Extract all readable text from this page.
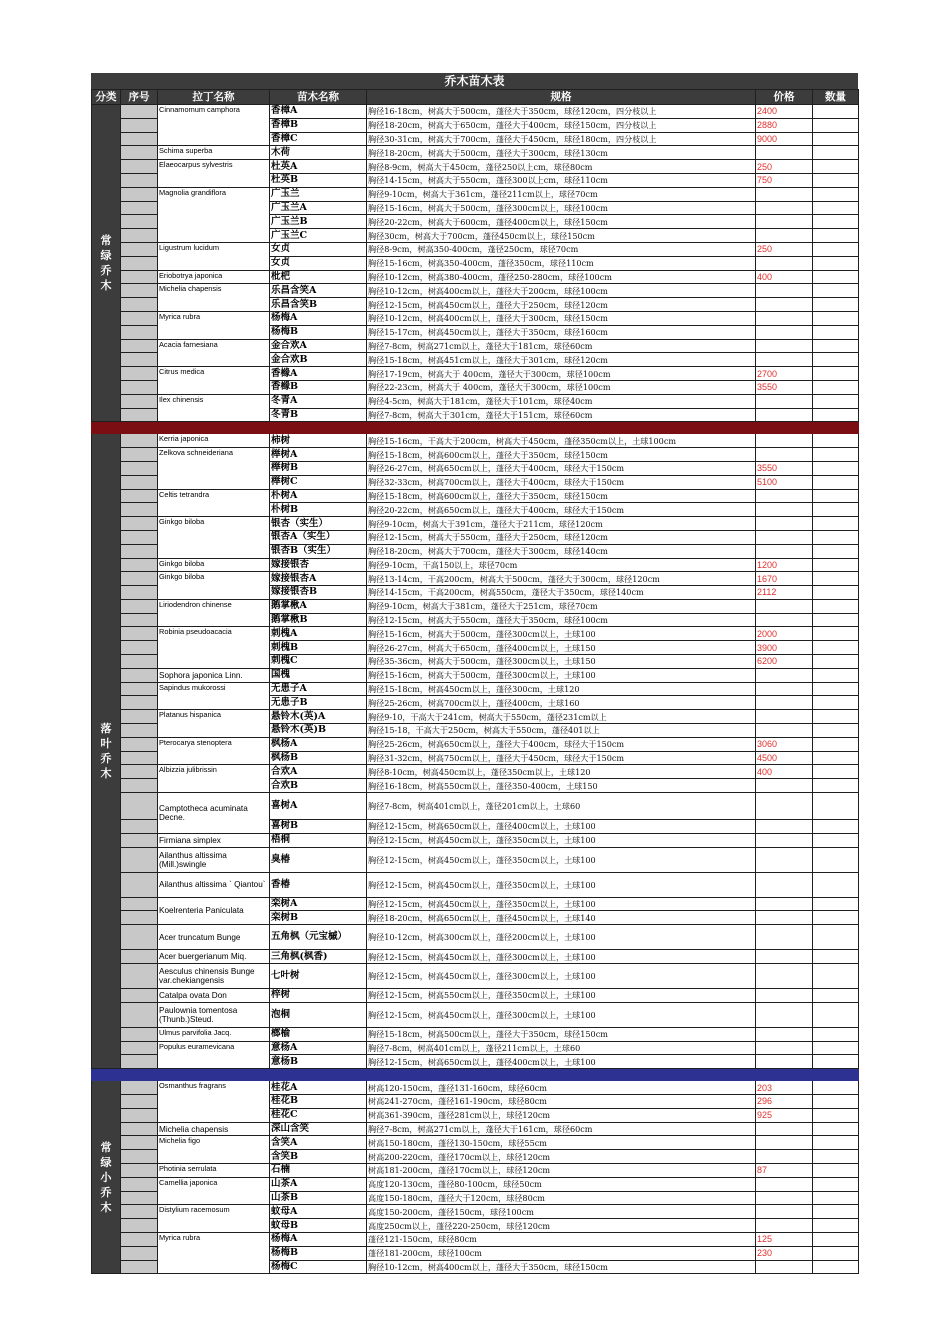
乔木苗木表
分类	序号	拉丁名称	苗木名称	规格	价格	数量

常绿乔木		Cinnamomum camphora	香樟A	胸径16-18cm，树高大于500cm，蓬径大于350cm，球径120cm，四分枝以上	2400	
			香樟B	胸径18-20cm，树高大于650cm，蓬径大于400cm，球径150cm，四分枝以上	2880	
			香樟C	胸径30-31cm，树高大于700cm，蓬径大于450cm，球径180cm，四分枝以上	9000	
		Schima superba	木荷	胸径18-20cm，树高大于500cm，蓬径大于300cm，球径130cm		
		Elaeocarpus sylvestris	杜英A	胸径8-9cm，树高大于450cm，蓬径250以上cm，球径80cm	250	
			杜英B	胸径14-15cm，树高大于550cm，蓬径300以上cm，球径110cm	750	
		Magnolia grandiflora	广玉兰	胸径9-10cm，树高大于361cm，蓬径211cm以上，球径70cm		
			广玉兰A	胸径15-16cm，树高大于500cm，蓬径300cm以上，球径100cm		
			广玉兰B	胸径20-22cm，树高大于600cm，蓬径400cm以上，球径150cm		
			广玉兰C	胸径30cm，树高大于700cm，蓬径450cm以上，球径150cm		
		Ligustrum lucidum	女贞	胸径8-9cm，树高350-400cm，蓬径250cm，球径70cm	250	
			女贞	胸径15-16cm，树高350-400cm，蓬径350cm，球径110cm		
		Eriobotrya japonica	枇杷	胸径10-12cm，树高380-400cm，蓬径250-280cm，球径100cm	400	
		Michelia chapensis	乐昌含笑A	胸径10-12cm，树高400cm以上，蓬径大于200cm，球径100cm		
			乐昌含笑B	胸径12-15cm，树高450cm以上，蓬径大于250cm，球径120cm		
		Myrica rubra	杨梅A	胸径10-12cm，树高400cm以上，蓬径大于300cm，球径150cm		
			杨梅B	胸径15-17cm，树高450cm以上，蓬径大于350cm，球径160cm		
		Acacia farnesiana	金合欢A	胸径7-8cm，树高271cm以上，蓬径大于181cm，球径60cm		
			金合欢B	胸径15-18cm，树高451cm以上，蓬径大于301cm，球径120cm		
		Citrus medica	香橼A	胸径17-19cm，树高大于 400cm，蓬径大于300cm，球径100cm	2700	
			香橼B	胸径22-23cm，树高大于 400cm，蓬径大于300cm，球径100cm	3550	
		Ilex chinensis	冬青A	胸径4-5cm，树高大于181cm，蓬径大于101cm，球径40cm		
			冬青B	胸径7-8cm，树高大于301cm，蓬径大于151cm，球径60cm		

落叶乔木		Kerria japonica	柿树	胸径15-16cm，干高大于200cm，树高大于450cm，蓬径350cm以上，土球100cm		
		Zelkova schneideriana	榉树A	胸径15-18cm，树高600cm以上，蓬径大于350cm，球径150cm		
			榉树B	胸径26-27cm，树高650cm以上，蓬径大于400cm，球径大于150cm	3550	
			榉树C	胸径32-33cm，树高700cm以上，蓬径大于400cm，球径大于150cm	5100	
		Celtis tetrandra	朴树A	胸径15-18cm，树高600cm以上，蓬径大于350cm，球径150cm		
			朴树B	胸径20-22cm，树高650cm以上，蓬径大于400cm，球径大于150cm		
		Ginkgo biloba	银杏（实生）	胸径9-10cm，树高大于391cm，蓬径大于211cm，球径120cm		
			银杏A（实生）	胸径12-15cm，树高大于550cm，蓬径大于250cm，球径120cm		
			银杏B（实生）	胸径18-20cm，树高大于700cm，蓬径大于300cm，球径140cm		
		Ginkgo biloba	嫁接银杏	胸径9-10cm，干高150以上，球径70cm	1200	
		Ginkgo biloba	嫁接银杏A	胸径13-14cm，干高200cm，树高大于500cm，蓬径大于300cm，球径120cm	1670	
			嫁接银杏B	胸径14-15cm，干高200cm，树高550cm，蓬径大于350cm，球径140cm	2112	
		Liriodendron chinense	鹅掌楸A	胸径9-10cm，树高大于381cm，蓬径大于251cm，球径70cm		
			鹅掌楸B	胸径12-15cm，树高大于550cm，蓬径大于350cm，球径100cm		
		Robinia pseudoacacia	刺槐A	胸径15-16cm，树高大于500cm，蓬径300cm以上，土球100	2000	
			刺槐B	胸径26-27cm，树高大于650cm，蓬径400cm以上，土球150	3900	
			刺槐C	胸径35-36cm，树高大于500cm，蓬径300cm以上，土球150	6200	
		Sophora japonica Linn.	国槐	胸径15-16cm，树高大于500cm，蓬径300cm以上，土球100		
		Sapindus mukorossi	无患子A	胸径15-18cm，树高450cm以上，蓬径300cm，土球120		
			无患子B	胸径25-26cm，树高700cm以上，蓬径400cm，土球160		
		Platanus hispanica	悬铃木(英)A	胸径9-10，干高大于241cm，树高大于550cm，蓬径231cm以上		
			悬铃木(英)B	胸径15-18，干高大于250cm，树高大于550cm，蓬径401以上		
		Pterocarya stenoptera	枫杨A	胸径25-26cm，树高650cm以上，蓬径大于400cm，球径大于150cm	3060	
			枫杨B	胸径31-32cm，树高750cm以上，蓬径大于450cm，球径大于150cm	4500	
		Albizzia julibrissin	合欢A	胸径8-10cm，树高450cm以上，蓬径350cm以上，土球120	400	
			合欢B	胸径16-18cm，树高550cm以上，蓬径350-400cm，土球150		
		Camptotheca acuminata Decne.	喜树A	胸径7-8cm，树高401cm以上，蓬径201cm以上，土球60		
			喜树B	胸径12-15cm，树高650cm以上，蓬径400cm以上，土球100		
		Firmiana simplex	梧桐	胸径12-15cm，树高450cm以上，蓬径350cm以上，土球100		
		Ailanthus altissima (Mill.)swingle	臭椿	胸径12-15cm，树高450cm以上，蓬径350cm以上，土球100		
		Ailanthus altissima ` Qiantou`	香椿	胸径12-15cm，树高450cm以上，蓬径350cm以上，土球100		
		Koelrenteria Paniculata	栾树A	胸径12-15cm，树高450cm以上，蓬径350cm以上，土球100		
			栾树B	胸径18-20cm，树高650cm以上，蓬径450cm以上，土球140		
		Acer truncatum Bunge	五角枫（元宝槭）	胸径10-12cm，树高300cm以上，蓬径200cm以上，土球100		
		Acer buergerianum Miq.	三角枫(枫香)	胸径12-15cm，树高450cm以上，蓬径300cm以上，土球100		
		Aesculus chinensis Bunge var.chekiangensis	七叶树	胸径12-15cm，树高450cm以上，蓬径300cm以上，土球100		
		Catalpa ovata Don	梓树	胸径12-15cm，树高550cm以上，蓬径350cm以上，土球100		
		Paulownia tomentosa (Thunb.)Steud.	泡桐	胸径12-15cm，树高450cm以上，蓬径300cm以上，土球100		
		Ulmus parvifolia Jacq.	榔榆	胸径15-18cm，树高500cm以上，蓬径大于350cm，球径150cm		
		Populus euramevicana	意杨A	胸径7-8cm，树高401cm以上，蓬径211cm以上，土球60		
			意杨B	胸径12-15cm，树高650cm以上，蓬径400cm以上，土球100		

常绿小乔木		Osmanthus fragrans	桂花A	树高120-150cm，蓬径131-160cm，球径60cm	203	
			桂花B	树高241-270cm，蓬径161-190cm，球径80cm	296	
			桂花C	树高361-390cm，蓬径281cm以上，球径120cm	925	
		Michelia chapensis	深山含笑	胸径7-8cm，树高271cm以上，蓬径大于161cm，球径60cm		
		Michelia figo	含笑A	树高150-180cm，蓬径130-150cm，球径55cm		
			含笑B	树高200-220cm，蓬径170cm以上，球径120cm		
		Photinia serrulata	石楠	树高181-200cm，蓬径170cm以上，球径120cm	87	
		Camellia japonica	山茶A	高度120-130cm，蓬径80-100cm，球径50cm		
			山茶B	高度150-180cm，蓬径大于120cm，球径80cm		
		Distylium racemosum	蚊母A	高度150-200cm，蓬径150cm，球径100cm		
			蚊母B	高度250cm以上，蓬径220-250cm，球径120cm		
		Myrica rubra	杨梅A	蓬径121-150cm，球径80cm	125	
			杨梅B	蓬径181-200cm，球径100cm	230	
			杨梅C	胸径10-12cm，树高400cm以上，蓬径大于350cm，球径150cm		
